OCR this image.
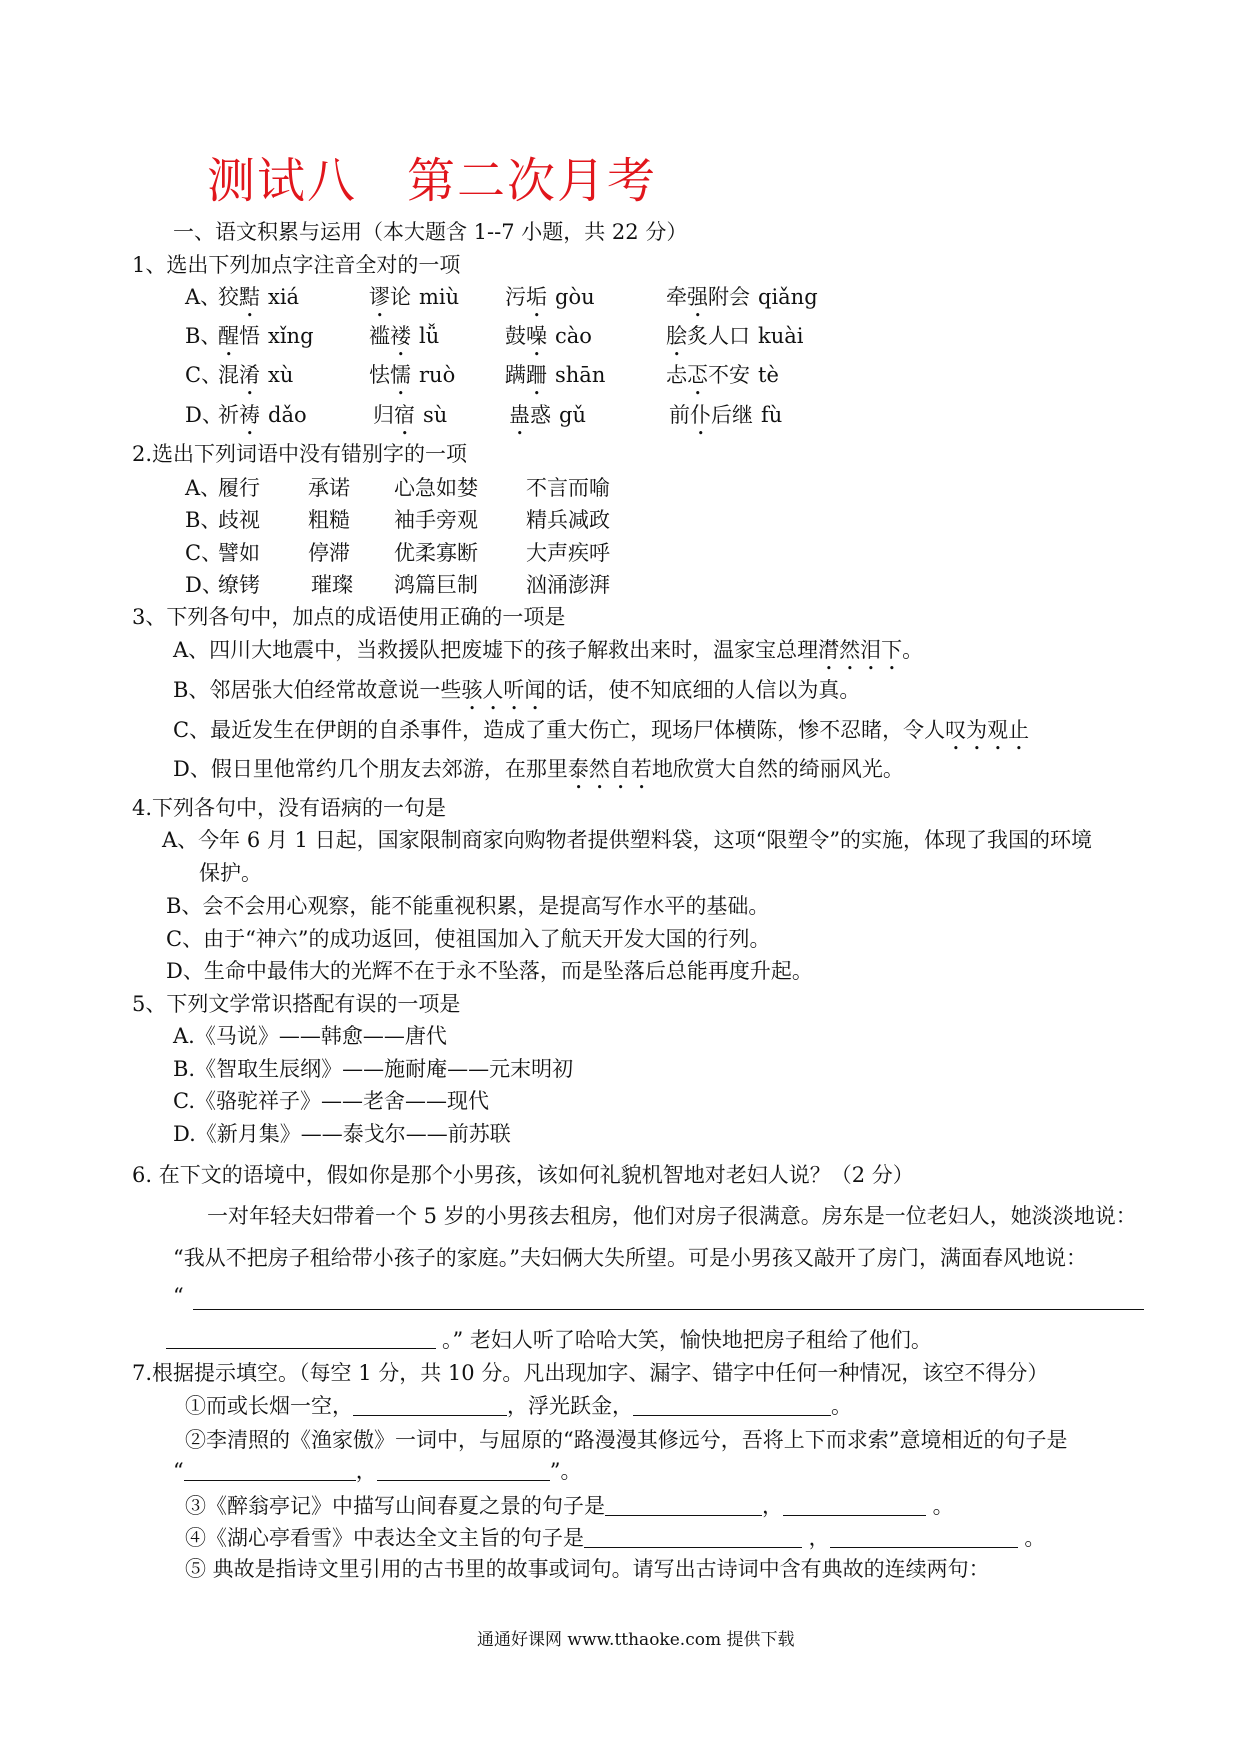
测试八　第二次月考
一、语文积累与运用（本大题含 1--7 小题，共 22 分）
1、选出下列加点字注音全对的一项
A、
狡黠 xiá	谬论 miù 污垢 gòu	牵强附会 qiǎng
B、
醒悟 xǐng	褴褛 lǚ	鼓噪 cào	脍炙人口 kuài
C、
混淆 xù	怯懦 ruò 蹒跚 shān	忐忑不安 tè
D、
祈祷 dǎo	归宿 sù	蛊惑 gǔ	前仆后继 fù
2.选出下列词语中没有错别字的一项
A、
履行 承诺 心急如婪 不言而喻
B、
歧视 粗糙 袖手旁观 精兵减政
C、
譬如 停滞 优柔寡断 大声疾呼
D、
缭铐 璀璨 鸿篇巨制 汹涌澎湃
3、下列各句中，加点的成语使用正确的一项是
A、四川大地震中，当救援队把废墟下的孩子解救出来时，温家宝总理潸然泪下。
B、邻居张大伯经常故意说一些骇人听闻的话，使不知底细的人信以为真。
C、最近发生在伊朗的自杀事件，造成了重大伤亡，现场尸体横陈，惨不忍睹，令人叹为观止
D、假日里他常约几个朋友去郊游，在那里泰然自若地欣赏大自然的绮丽风光。
4.下列各句中，没有语病的一句是
A、今年 6 月 1 日起，国家限制商家向购物者提供塑料袋，这项“限塑令”的实施，体现了我国的环境
保护。
B、会不会用心观察，能不能重视积累，是提高写作水平的基础。
C、由于“神六”的成功返回，使祖国加入了航天开发大国的行列。
D、生命中最伟大的光辉不在于永不坠落，而是坠落后总能再度升起。
5、下列文学常识搭配有误的一项是
A.《马说》——韩愈——唐代
B.《智取生辰纲》——施耐庵——元末明初
C.《骆驼祥子》——老舍——现代
D.《新月集》——泰戈尔——前苏联
6. 在下文的语境中，假如你是那个小男孩，该如何礼貌机智地对老妇人说？（2 分）
一对年轻夫妇带着一个 5 岁的小男孩去租房，他们对房子很满意。房东是一位老妇人，她淡淡地说：
“我从不把房子租给带小孩子的家庭。”夫妇俩大失所望。可是小男孩又敲开了房门，满面春风地说：
“
。” 老妇人听了哈哈大笑，愉快地把房子租给了他们。
7.根据提示填空。（每空 1 分，共 10 分。凡出现加字、漏字、错字中任何一种情况，该空不得分）
①而或长烟一空，	，浮光跃金，	。
②李清照的《渔家傲》一词中，与屈原的“路漫漫其修远兮，吾将上下而求索”意境相近的句子是
“	，	”。
③《醉翁亭记》中描写山间春夏之景的句子是	，	。
④《湖心亭看雪》中表达全文主旨的句子是	，	。
⑤ 典故是指诗文里引用的古书里的故事或词句。请写出古诗词中含有典故的连续两句：
通通好课网 www.tthaoke.com 提供下载
